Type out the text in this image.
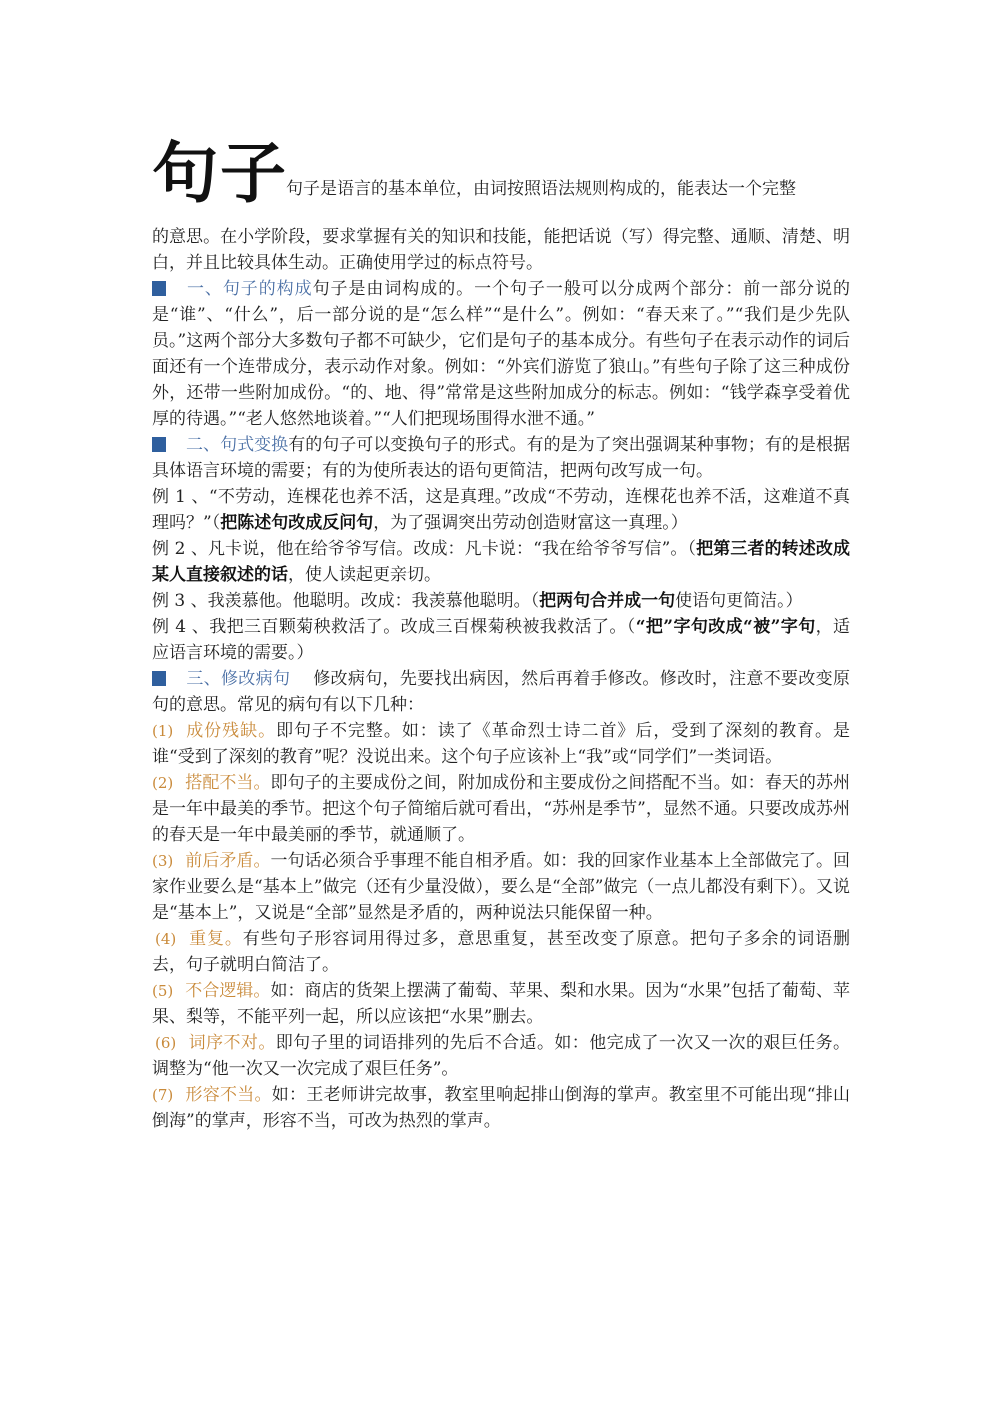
句子
句子是语言的基本单位，由词按照语法规则构成的，能表达一个完整

的意思。在小学阶段，要求掌握有关的知识和技能，能把话说（写）得完整、通顺、清楚、明白，并且比较具体生动。正确使用学过的标点符号。

一、句子的构成句子是由词构成的。一个句子一般可以分成两个部分：前一部分说的是“谁”、“什么”，后一部分说的是“怎么样”“是什么”。例如：“春天来了。”“我们是少先队员。”这两个部分大多数句子都不可缺少，它们是句子的基本成分。有些句子在表示动作的词后面还有一个连带成分，表示动作对象。例如：“外宾们游览了狼山。”有些句子除了这三种成份外，还带一些附加成份。“的、地、得”常常是这些附加成分的标志。例如：“钱学森享受着优厚的待遇。”“老人悠然地谈着。”“人们把现场围得水泄不通。”

二、句式变换有的句子可以变换句子的形式。有的是为了突出强调某种事物；有的是根据具体语言环境的需要；有的为使所表达的语句更简洁，把两句改写成一句。

例 1 、“不劳动，连棵花也养不活，这是真理。”改成“不劳动，连棵花也养不活，这难道不真理吗？”（把陈述句改成反问句，为了强调突出劳动创造财富这一真理。）

例 2 、凡卡说，他在给爷爷写信。改成：凡卡说：“我在给爷爷写信”。（把第三者的转述改成某人直接叙述的话，使人读起更亲切。

例 3 、我羡慕他。他聪明。改成：我羡慕他聪明。（把两句合并成一句使语句更简洁。）

例 4 、我把三百颗菊秧救活了。改成三百棵菊秧被我救活了。（“把”字句改成“被”字句，适应语言环境的需要。）

三、修改病句 修改病句，先要找出病因，然后再着手修改。修改时，注意不要改变原句的意思。常见的病句有以下几种：

(1) 成份残缺。即句子不完整。如：读了《革命烈士诗二首》后，受到了深刻的教育。是谁“受到了深刻的教育”呢？没说出来。这个句子应该补上“我”或“同学们”一类词语。

(2) 搭配不当。即句子的主要成份之间，附加成份和主要成份之间搭配不当。如：春天的苏州是一年中最美的季节。把这个句子简缩后就可看出，“苏州是季节”，显然不通。只要改成苏州的春天是一年中最美丽的季节，就通顺了。

(3) 前后矛盾。一句话必须合乎事理不能自相矛盾。如：我的回家作业基本上全部做完了。回家作业要么是“基本上”做完（还有少量没做），要么是“全部”做完（一点儿都没有剩下）。又说是“基本上”，又说是“全部”显然是矛盾的，两种说法只能保留一种。

(4) 重复。有些句子形容词用得过多，意思重复，甚至改变了原意。把句子多余的词语删去，句子就明白简洁了。

(5) 不合逻辑。如：商店的货架上摆满了葡萄、苹果、梨和水果。因为“水果”包括了葡萄、苹果、梨等，不能平列一起，所以应该把“水果”删去。

(6) 词序不对。即句子里的词语排列的先后不合适。如：他完成了一次又一次的艰巨任务。调整为“他一次又一次完成了艰巨任务”。

(7) 形容不当。如：王老师讲完故事，教室里响起排山倒海的掌声。教室里不可能出现“排山倒海”的掌声，形容不当，可改为热烈的掌声。
